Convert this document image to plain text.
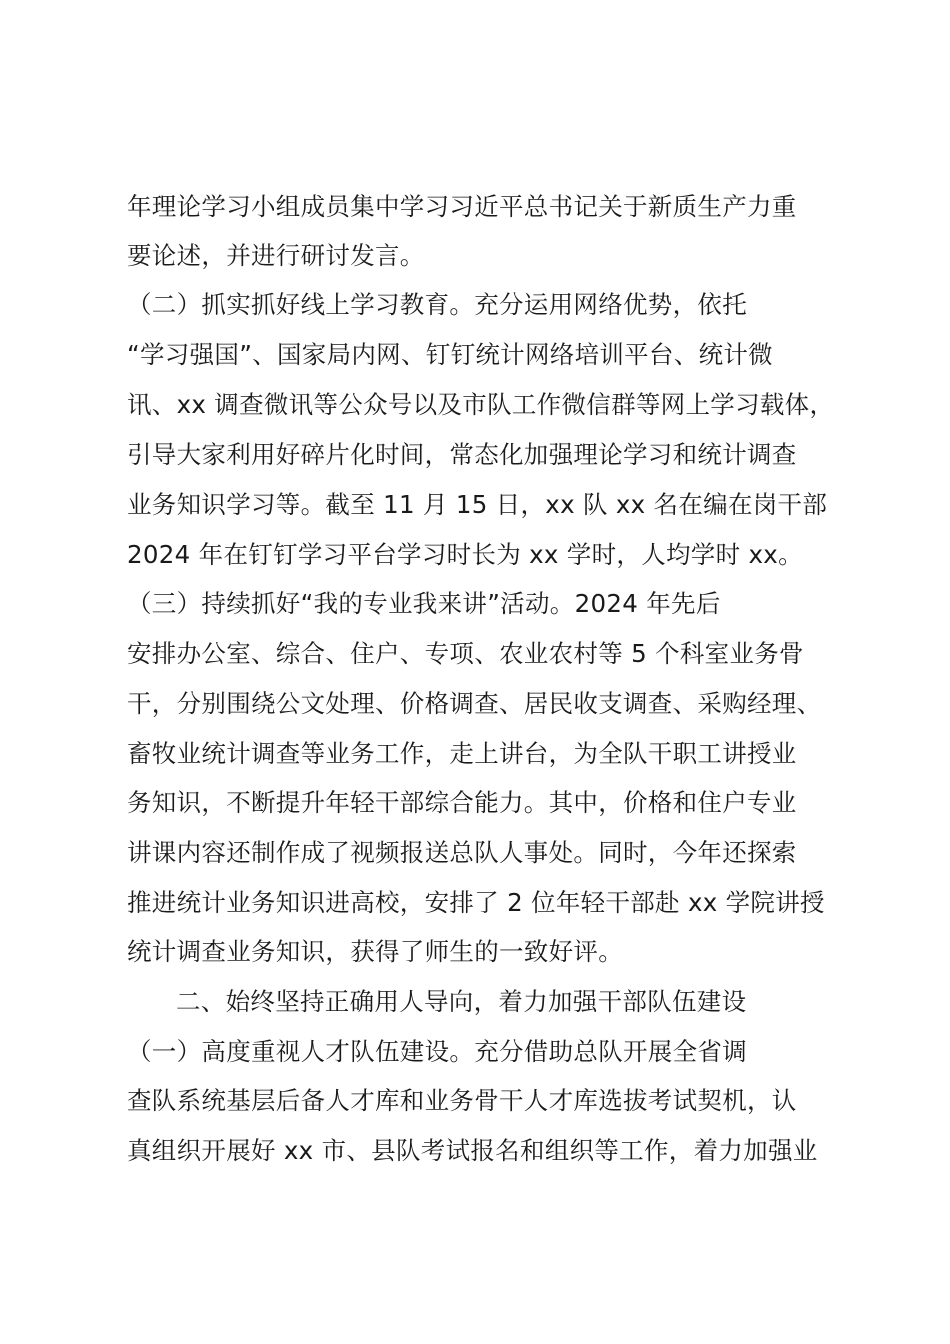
年理论学习小组成员集中学习习近平总书记关于新质生产力重
要论述，并进行研讨发言。
（二）抓实抓好线上学习教育。充分运用网络优势，依托
“学习强国”、国家局内网、钉钉统计网络培训平台、统计微
讯、xx 调查微讯等公众号以及市队工作微信群等网上学习载体，
引导大家利用好碎片化时间，常态化加强理论学习和统计调查
业务知识学习等。截至 11 月 15 日，xx 队 xx 名在编在岗干部
2024 年在钉钉学习平台学习时长为 xx 学时，人均学时 xx。
（三）持续抓好“我的专业我来讲”活动。2024 年先后
安排办公室、综合、住户、专项、农业农村等 5 个科室业务骨
干，分别围绕公文处理、价格调查、居民收支调查、采购经理、
畜牧业统计调查等业务工作，走上讲台，为全队干职工讲授业
务知识，不断提升年轻干部综合能力。其中，价格和住户专业
讲课内容还制作成了视频报送总队人事处。同时，今年还探索
推进统计业务知识进高校，安排了 2 位年轻干部赴 xx 学院讲授
统计调查业务知识，获得了师生的一致好评。
二、始终坚持正确用人导向，着力加强干部队伍建设
（一）高度重视人才队伍建设。充分借助总队开展全省调
查队系统基层后备人才库和业务骨干人才库选拔考试契机，认
真组织开展好 xx 市、县队考试报名和组织等工作，着力加强业
